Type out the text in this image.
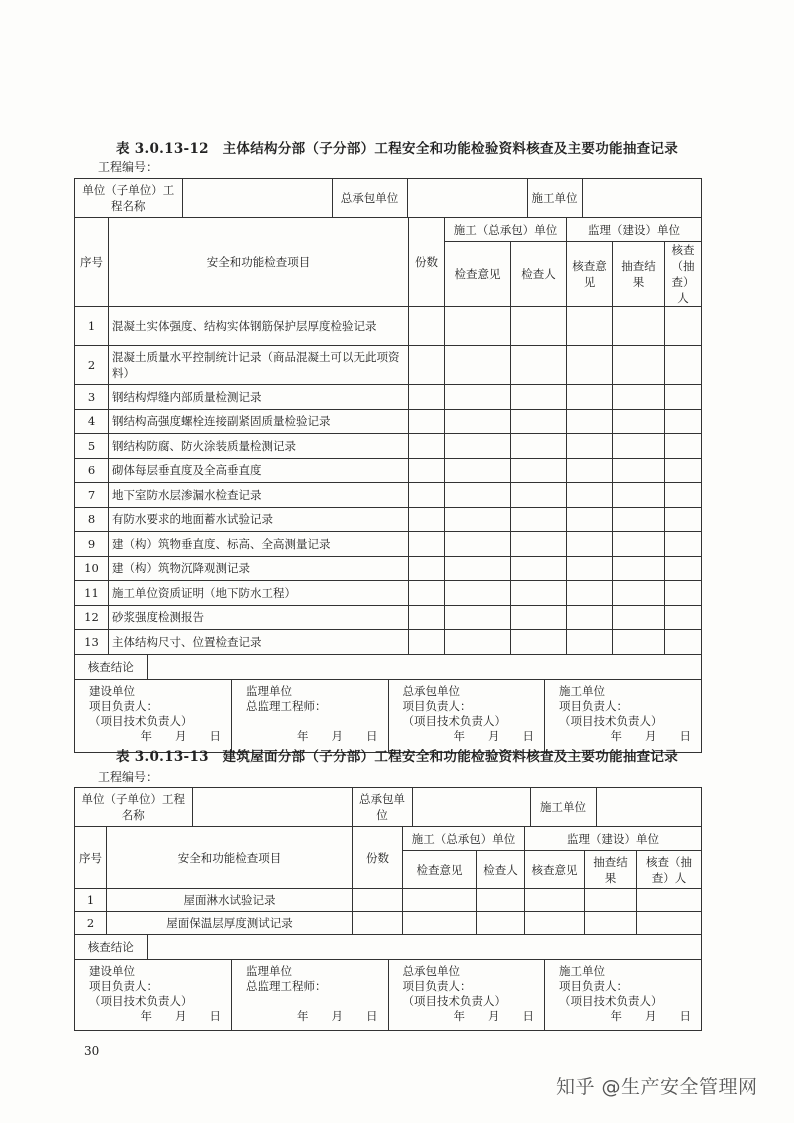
表 3.0.13-12　主体结构分部（子分部）工程安全和功能检验资料核查及主要功能抽查记录
工程编号：
单位（子单位）工程名称		总承包单位		施工单位	

序号	安全和功能检查项目	份数	施工（总承包）单位	监理（建设）单位
检查意见	检查人	核查意见	抽查结果	核查（抽查）人
1	混凝土实体强度、结构实体钢筋保护层厚度检验记录						
2	混凝土质量水平控制统计记录（商品混凝土可以无此项资料）						
3	钢结构焊缝内部质量检测记录						
4	钢结构高强度螺栓连接副紧固质量检验记录						
5	钢结构防腐、防火涂装质量检测记录						
6	砌体每层垂直度及全高垂直度						
7	地下室防水层渗漏水检查记录						
8	有防水要求的地面蓄水试验记录						
9	建（构）筑物垂直度、标高、全高测量记录						
10	建（构）筑物沉降观测记录						
11	施工单位资质证明（地下防水工程）						
12	砂浆强度检测报告						
13	主体结构尺寸、位置检查记录						

核查结论	

建设单位
项目负责人：
（项目技术负责人）
年　　月　　日

监理单位
总监理工程师：

年　　月　　日

总承包单位
项目负责人：
（项目技术负责人）
年　　月　　日

施工单位
项目负责人：
（项目技术负责人）
年　　月　　日
表 3.0.13-13　建筑屋面分部（子分部）工程安全和功能检验资料核查及主要功能抽查记录
工程编号：
单位（子单位）工程名称		总承包单位		施工单位	

序号	安全和功能检查项目	份数	施工（总承包）单位	监理（建设）单位
检查意见	检查人	核查意见	抽查结果	核查（抽查）人
1	屋面淋水试验记录						
2	屋面保温层厚度测试记录						

核查结论	

建设单位
项目负责人：
（项目技术负责人）
年　　月　　日

监理单位
总监理工程师：

年　　月　　日

总承包单位
项目负责人：
（项目技术负责人）
年　　月　　日

施工单位
项目负责人：
（项目技术负责人）
年　　月　　日
30
知乎 @生产安全管理网
